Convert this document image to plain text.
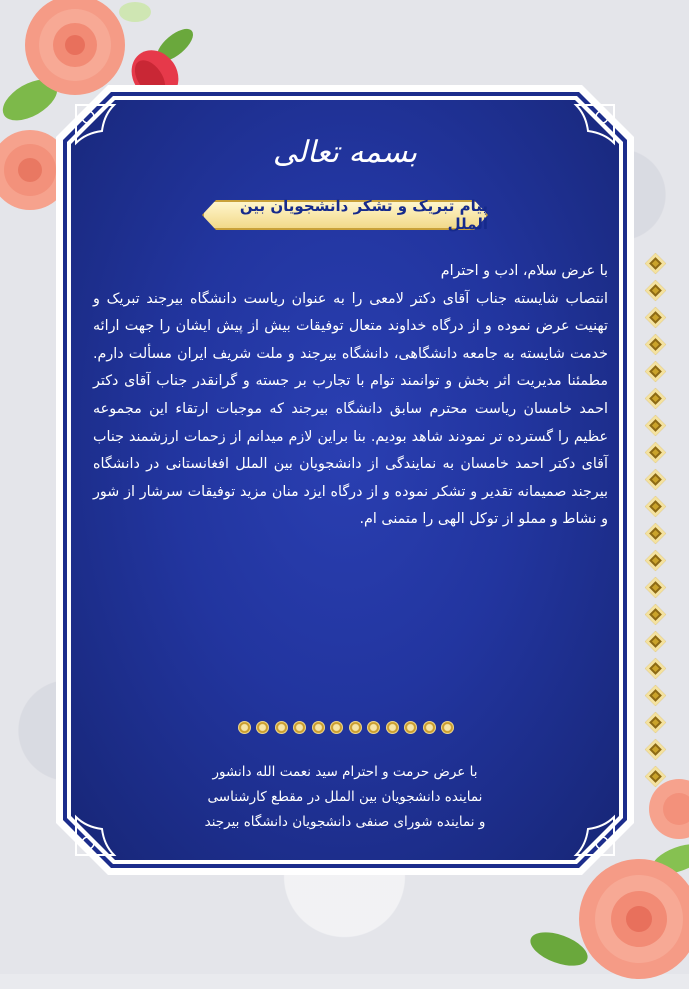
بسمه تعالی
پیام تبریک و تشکر دانشجویان بین الملل

با عرض سلام، ادب و احترام

انتصاب شایسته جناب آقای دکتر لامعی را به عنوان ریاست دانشگاه بیرجند تبریک و تهنیت عرض نموده و از درگاه خداوند متعال توفیقات بیش از پیش ایشان را جهت ارائه خدمت شایسته به جامعه دانشگاهی، دانشگاه بیرجند و ملت شریف ایران مسألت دارم. مطمئنا مدیریت اثر بخش و توانمند توام با تجارب بر جسته و گرانقدر جناب آقای دکتر احمد خامسان ریاست محترم سابق دانشگاه بیرجند که موجبات ارتقاء این مجموعه عظیم را گسترده تر نمودند شاهد بودیم. بنا براین لازم میدانم از زحمات ارزشمند جناب آقای دکتر احمد خامسان به نمایندگی از دانشجویان بین الملل افغانستانی در دانشگاه بیرجند صمیمانه تقدیر و تشکر نموده و از درگاه ایزد منان مزید توفیقات سرشار از شور و نشاط و مملو از توکل الهی را متمنی ام.

با عرض حرمت و احترام سید نعمت الله دانشور
نماینده دانشجویان بین الملل در مقطع کارشناسی
و نماینده شورای صنفی دانشجویان دانشگاه بیرجند
